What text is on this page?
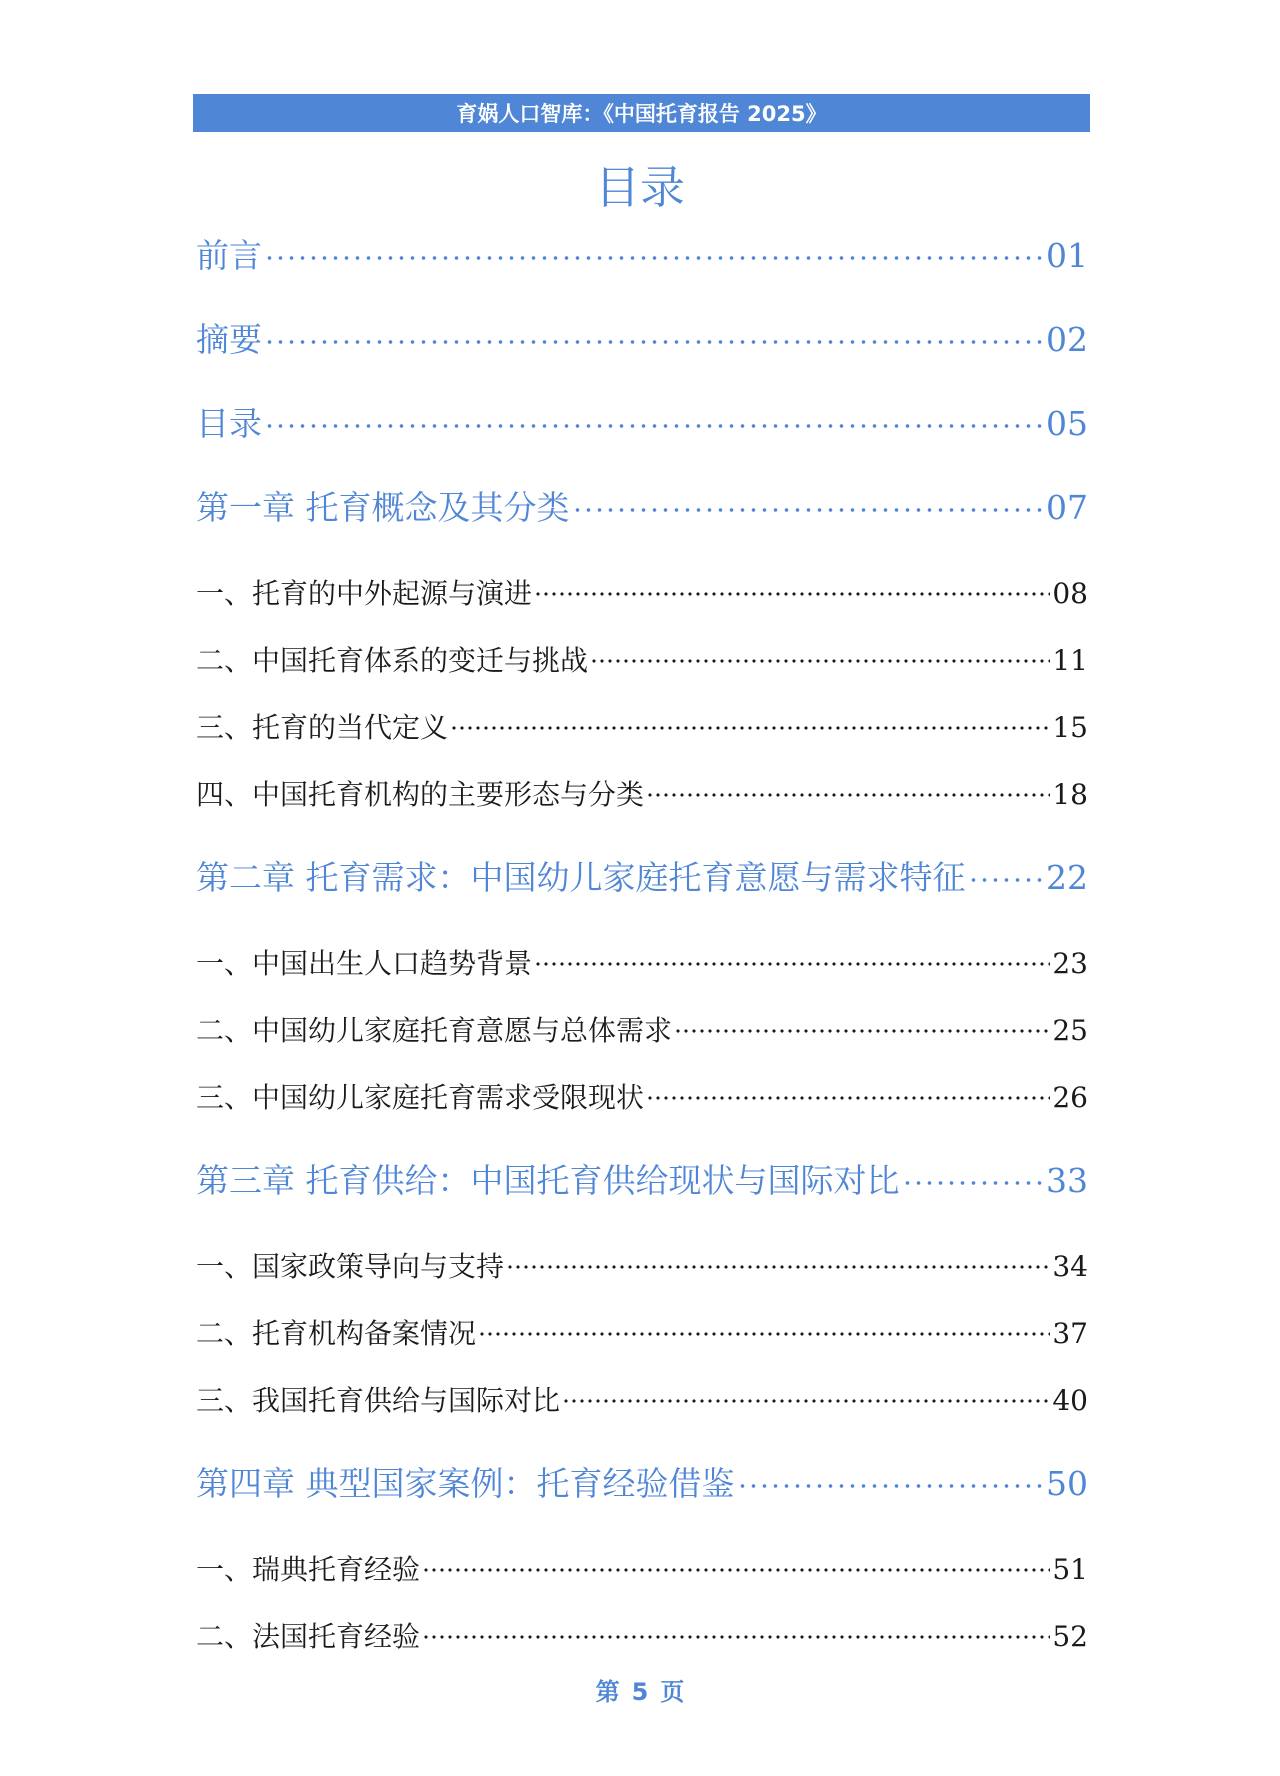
育娲人口智库：《中国托育报告 2025》
目录
前言	01
摘要	02
目录	05
第一章 托育概念及其分类	07
一、托育的中外起源与演进	08
二、中国托育体系的变迁与挑战	11
三、托育的当代定义	15
四、中国托育机构的主要形态与分类	18
第二章 托育需求：中国幼儿家庭托育意愿与需求特征 22
一、中国出生人口趋势背景	23
二、中国幼儿家庭托育意愿与总体需求	25
三、中国幼儿家庭托育需求受限现状	26
第三章 托育供给：中国托育供给现状与国际对比	33
一、国家政策导向与支持	34
二、托育机构备案情况	37
三、我国托育供给与国际对比	40
第四章 典型国家案例：托育经验借鉴	50
一、瑞典托育经验	51
二、法国托育经验	52
第 5 页
